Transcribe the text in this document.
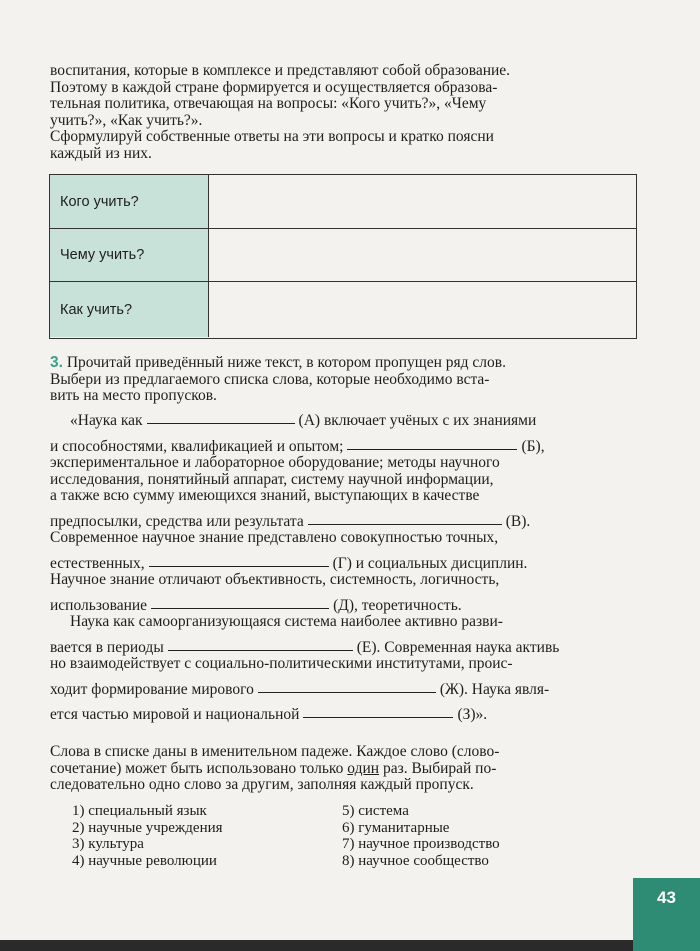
воспитания, которые в комплексе и представляют собой образование.
Поэтому в каждой стране формируется и осуществляется образова-
тельная политика, отвечающая на вопросы: «Кого учить?», «Чему
учить?», «Как учить?».
Сформулируй собственные ответы на эти вопросы и кратко поясни
каждый из них.
Кого учить?
Чему учить?
Как учить?
3. Прочитай приведённый ниже текст, в котором пропущен ряд слов.
Выбери из предлагаемого списка слова, которые необходимо вста-
вить на место пропусков.
«Наука как	(А) включает учёных с их знаниями
и способностями, квалификацией и опытом;	(Б),
экспериментальное и лабораторное оборудование; методы научного
исследования, понятийный аппарат, систему научной информации,
а также всю сумму имеющихся знаний, выступающих в качестве
предпосылки, средства или результата	(В).
Современное научное знание представлено совокупностью точных,
естественных,	(Г) и социальных дисциплин.
Научное знание отличают объективность, системность, логичность,
использование	(Д), теоретичность.
Наука как самоорганизующаяся система наиболее активно разви-
вается в периоды	(Е). Современная наука активь
но взаимодействует с социально-политическими институтами, проис-
ходит формирование мирового	(Ж). Наука явля-
ется частью мировой и национальной	(З)».
Слова в списке даны в именительном падеже. Каждое слово (слово-
сочетание) может быть использовано только один раз. Выбирай по-
следовательно одно слово за другим, заполняя каждый пропуск.
1) специальный язык
2) научные учреждения
3) культура
4) научные революции
5) система
6) гуманитарные
7) научное производство
8) научное сообщество
43
